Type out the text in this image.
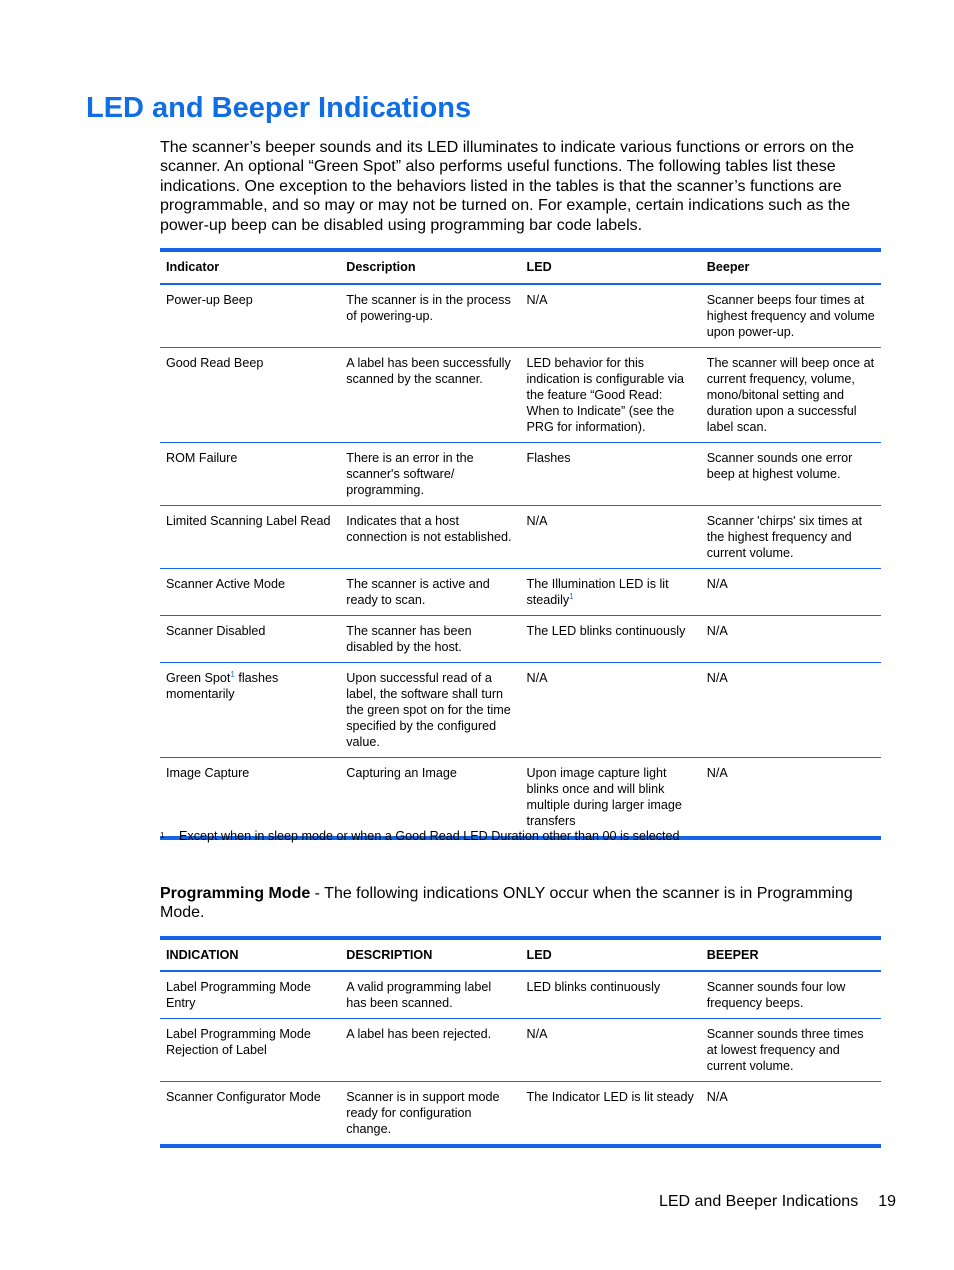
LED and Beeper Indications

The scanner’s beeper sounds and its LED illuminates to indicate various functions or errors on the scanner. An optional “Green Spot” also performs useful functions. The following tables list these indications. One exception to the behaviors listed in the tables is that the scanner’s functions are programmable, and so may or may not be turned on. For example, certain indications such as the power-up beep can be disabled using programming bar code labels.

Indicator	Description	LED	Beeper
Power-up Beep	The scanner is in the process of powering-up.	N/A	Scanner beeps four times at highest frequency and volume upon power-up.
Good Read Beep	A label has been successfully scanned by the scanner.	LED behavior for this indication is configurable via the feature “Good Read: When to Indicate” (see the PRG for information).	The scanner will beep once at current frequency, volume, mono/bitonal setting and duration upon a successful label scan.
ROM Failure	There is an error in the scanner's software/ programming.	Flashes	Scanner sounds one error beep at highest volume.
Limited Scanning Label Read	Indicates that a host connection is not established.	N/A	Scanner 'chirps' six times at the highest frequency and current volume.
Scanner Active Mode	The scanner is active and ready to scan.	The Illumination LED is lit steadily$^1$	N/A
Scanner Disabled	The scanner has been disabled by the host.	The LED blinks continuously	N/A
Green Spot$^1$ flashes momentarily	Upon successful read of a label, the software shall turn the green spot on for the time specified by the configured value.	N/A	N/A
Image Capture	Capturing an Image	Upon image capture light blinks once and will blink multiple during larger image transfers	N/A
1 Except when in sleep mode or when a Good Read LED Duration other than 00 is selected

Programming Mode - The following indications ONLY occur when the scanner is in Programming Mode.

INDICATION	DESCRIPTION	LED	BEEPER
Label Programming Mode Entry	A valid programming label has been scanned.	LED blinks continuously	Scanner sounds four low frequency beeps.
Label Programming Mode Rejection of Label	A label has been rejected.	N/A	Scanner sounds three times at lowest frequency and current volume.
Scanner Configurator Mode	Scanner is in support mode ready for configuration change.	The Indicator LED is lit steady	N/A
LED and Beeper Indications 19
